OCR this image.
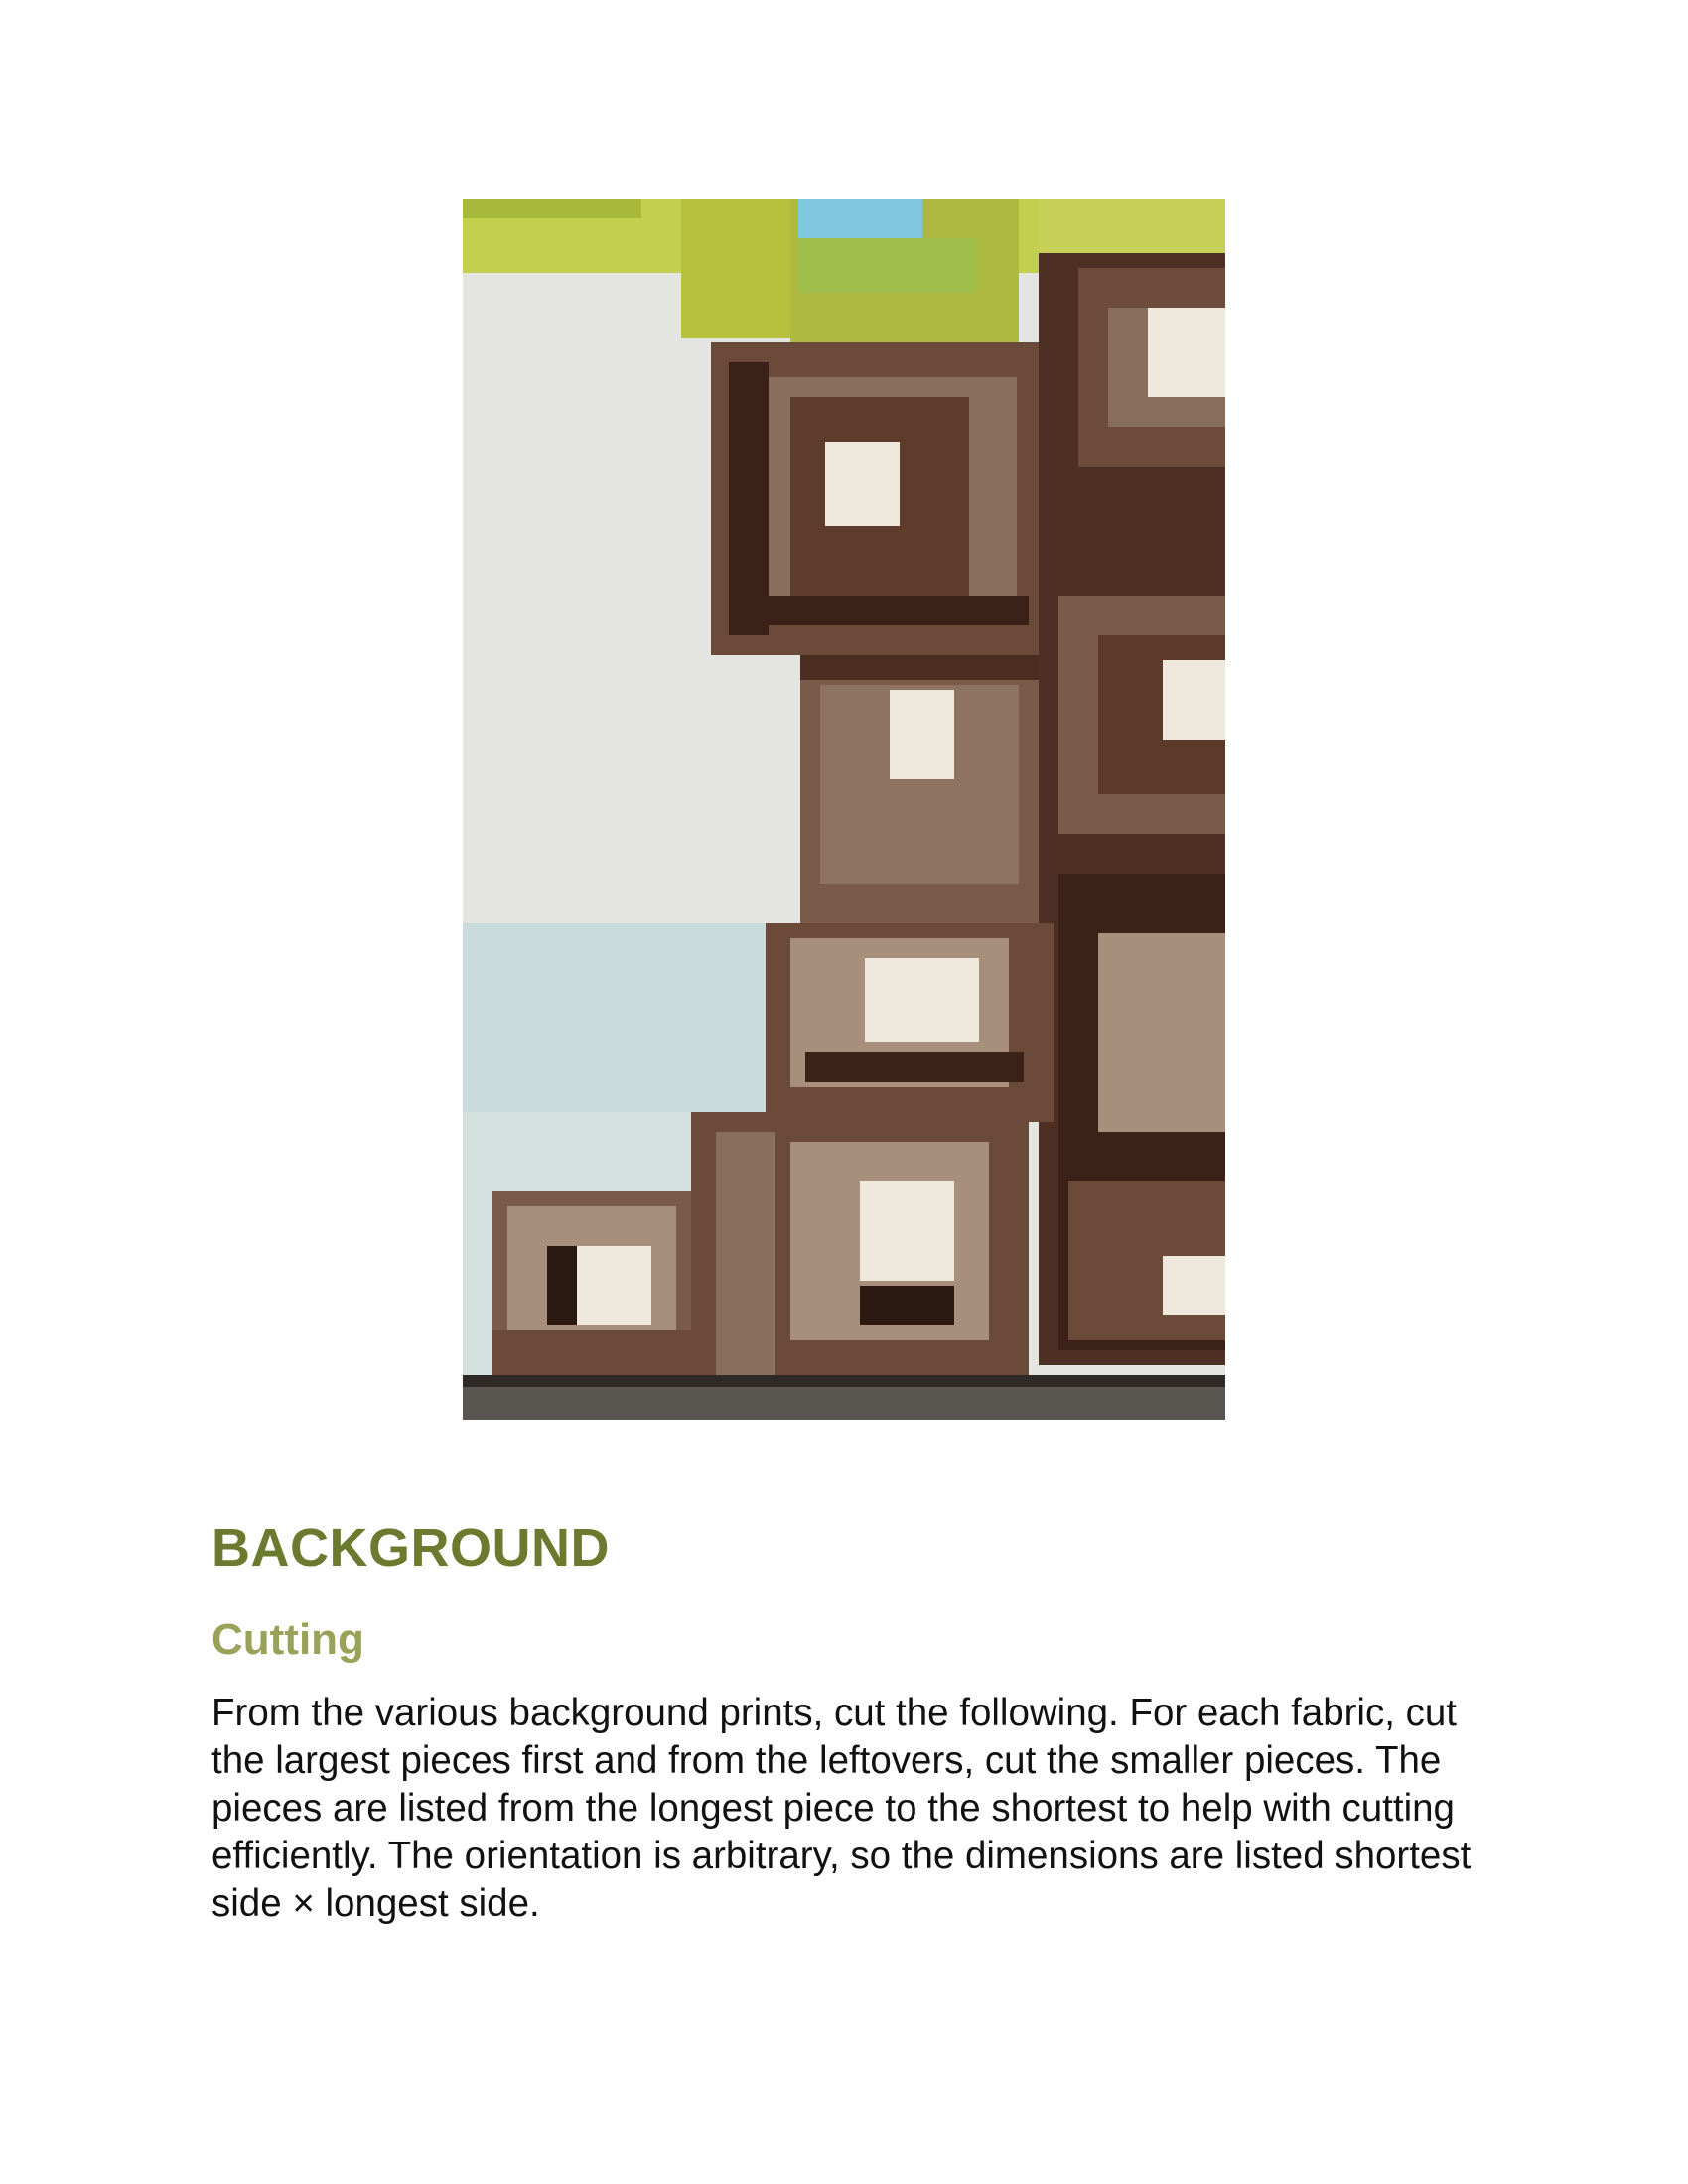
BACKGROUND
Cutting

From the various background prints, cut the following. For each fabric, cut the largest pieces first and from the leftovers, cut the smaller pieces. The pieces are listed from the longest piece to the shortest to help with cutting efficiently. The orientation is arbitrary, so the dimensions are listed shortest side × longest side.
